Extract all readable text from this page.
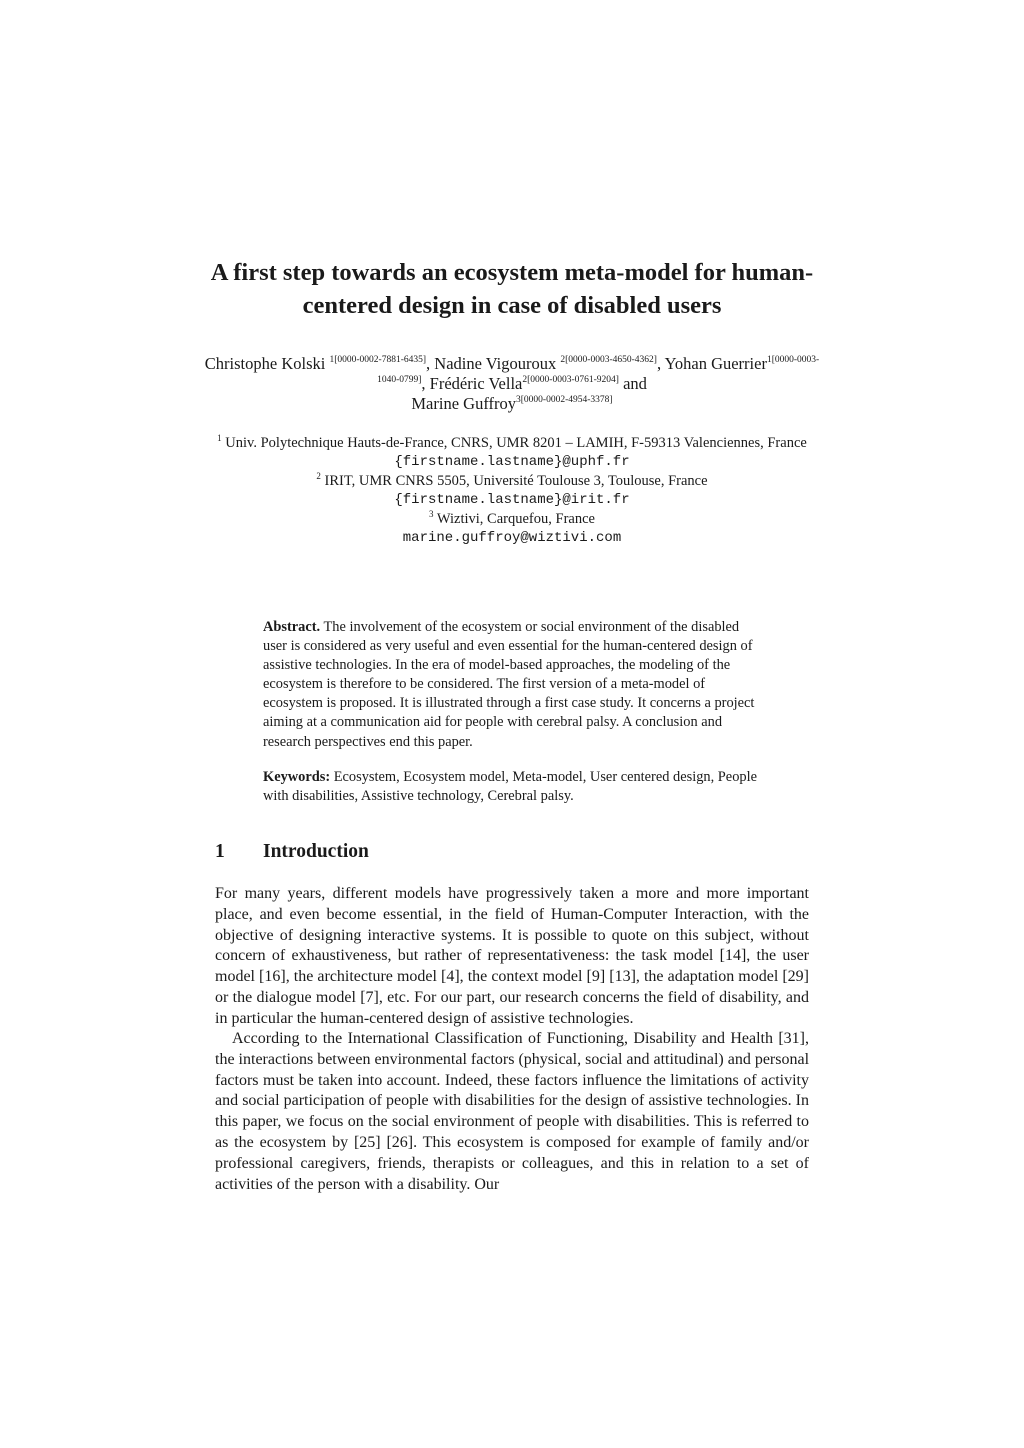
A first step towards an ecosystem meta-model for human-centered design in case of disabled users

Christophe Kolski $^{1[0000-0002-7881-6435]}$, Nadine Vigouroux $^{2[0000-0003-4650-4362]}$, Yohan Guerrier$^{1[0000-0003-1040-0799]}$, Frédéric Vella$^{2[0000-0003-0761-9204]}$ and
Marine Guffroy$^{3[0000-0002-4954-3378]}$

$^1$ Univ. Polytechnique Hauts-de-France, CNRS, UMR 8201 – LAMIH, F-59313 Valenciennes, France
{firstname.lastname}@uphf.fr
$^2$ IRIT, UMR CNRS 5505, Université Toulouse 3, Toulouse, France
{firstname.lastname}@irit.fr
$^3$ Wiztivi, Carquefou, France
marine.guffroy@wiztivi.com

Abstract. The involvement of the ecosystem or social environment of the disabled user is considered as very useful and even essential for the human-centered design of assistive technologies. In the era of model-based approaches, the modeling of the ecosystem is therefore to be considered. The first version of a meta-model of ecosystem is proposed. It is illustrated through a first case study. It concerns a project aiming at a communication aid for people with cerebral palsy. A conclusion and research perspectives end this paper.

Keywords: Ecosystem, Ecosystem model, Meta-model, User centered design, People with disabilities, Assistive technology, Cerebral palsy.

1 Introduction

For many years, different models have progressively taken a more and more important place, and even become essential, in the field of Human-Computer Interaction, with the objective of designing interactive systems. It is possible to quote on this subject, without concern of exhaustiveness, but rather of representativeness: the task model [14], the user model [16], the architecture model [4], the context model [9] [13], the adaptation model [29] or the dialogue model [7], etc. For our part, our research concerns the field of disability, and in particular the human-centered design of assistive technologies.

According to the International Classification of Functioning, Disability and Health [31], the interactions between environmental factors (physical, social and attitudinal) and personal factors must be taken into account. Indeed, these factors influence the limitations of activity and social participation of people with disabilities for the design of assistive technologies. In this paper, we focus on the social environment of people with disabilities. This is referred to as the ecosystem by [25] [26]. This ecosystem is composed for example of family and/or professional caregivers, friends, therapists or colleagues, and this in relation to a set of activities of the person with a disability. Our
